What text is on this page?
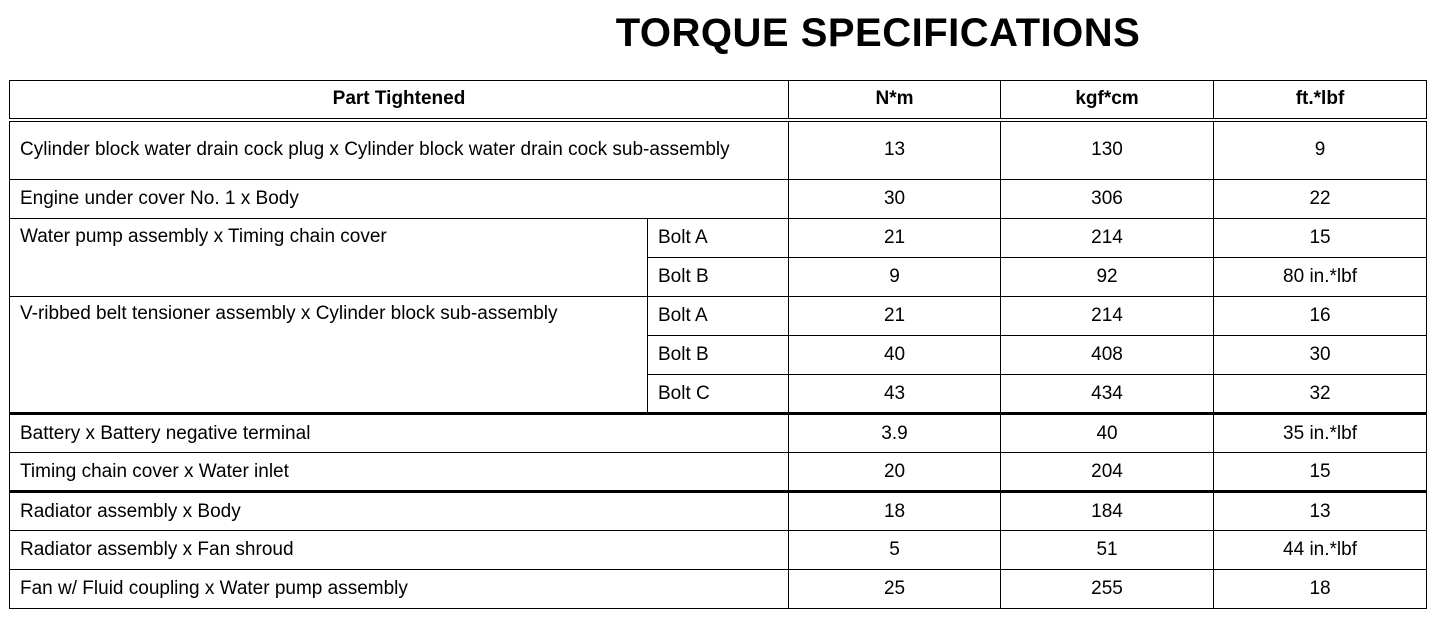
TORQUE SPECIFICATIONS
Part Tightened		N*m	kgf*cm	ft.*lbf
Cylinder block water drain cock plug x Cylinder block water drain cock sub-assembly		13	130	9
Engine under cover No. 1 x Body		30	306	22
Water pump assembly x Timing chain cover	Bolt A	21	214	15
	Bolt B	9	92	80 in.*lbf
V-ribbed belt tensioner assembly x Cylinder block sub-assembly	Bolt A	21	214	16
	Bolt B	40	408	30
	Bolt C	43	434	32
Battery x Battery negative terminal		3.9	40	35 in.*lbf
Timing chain cover x Water inlet		20	204	15
Radiator assembly x Body		18	184	13
Radiator assembly x Fan shroud		5	51	44 in.*lbf
Fan w/ Fluid coupling x Water pump assembly		25	255	18
